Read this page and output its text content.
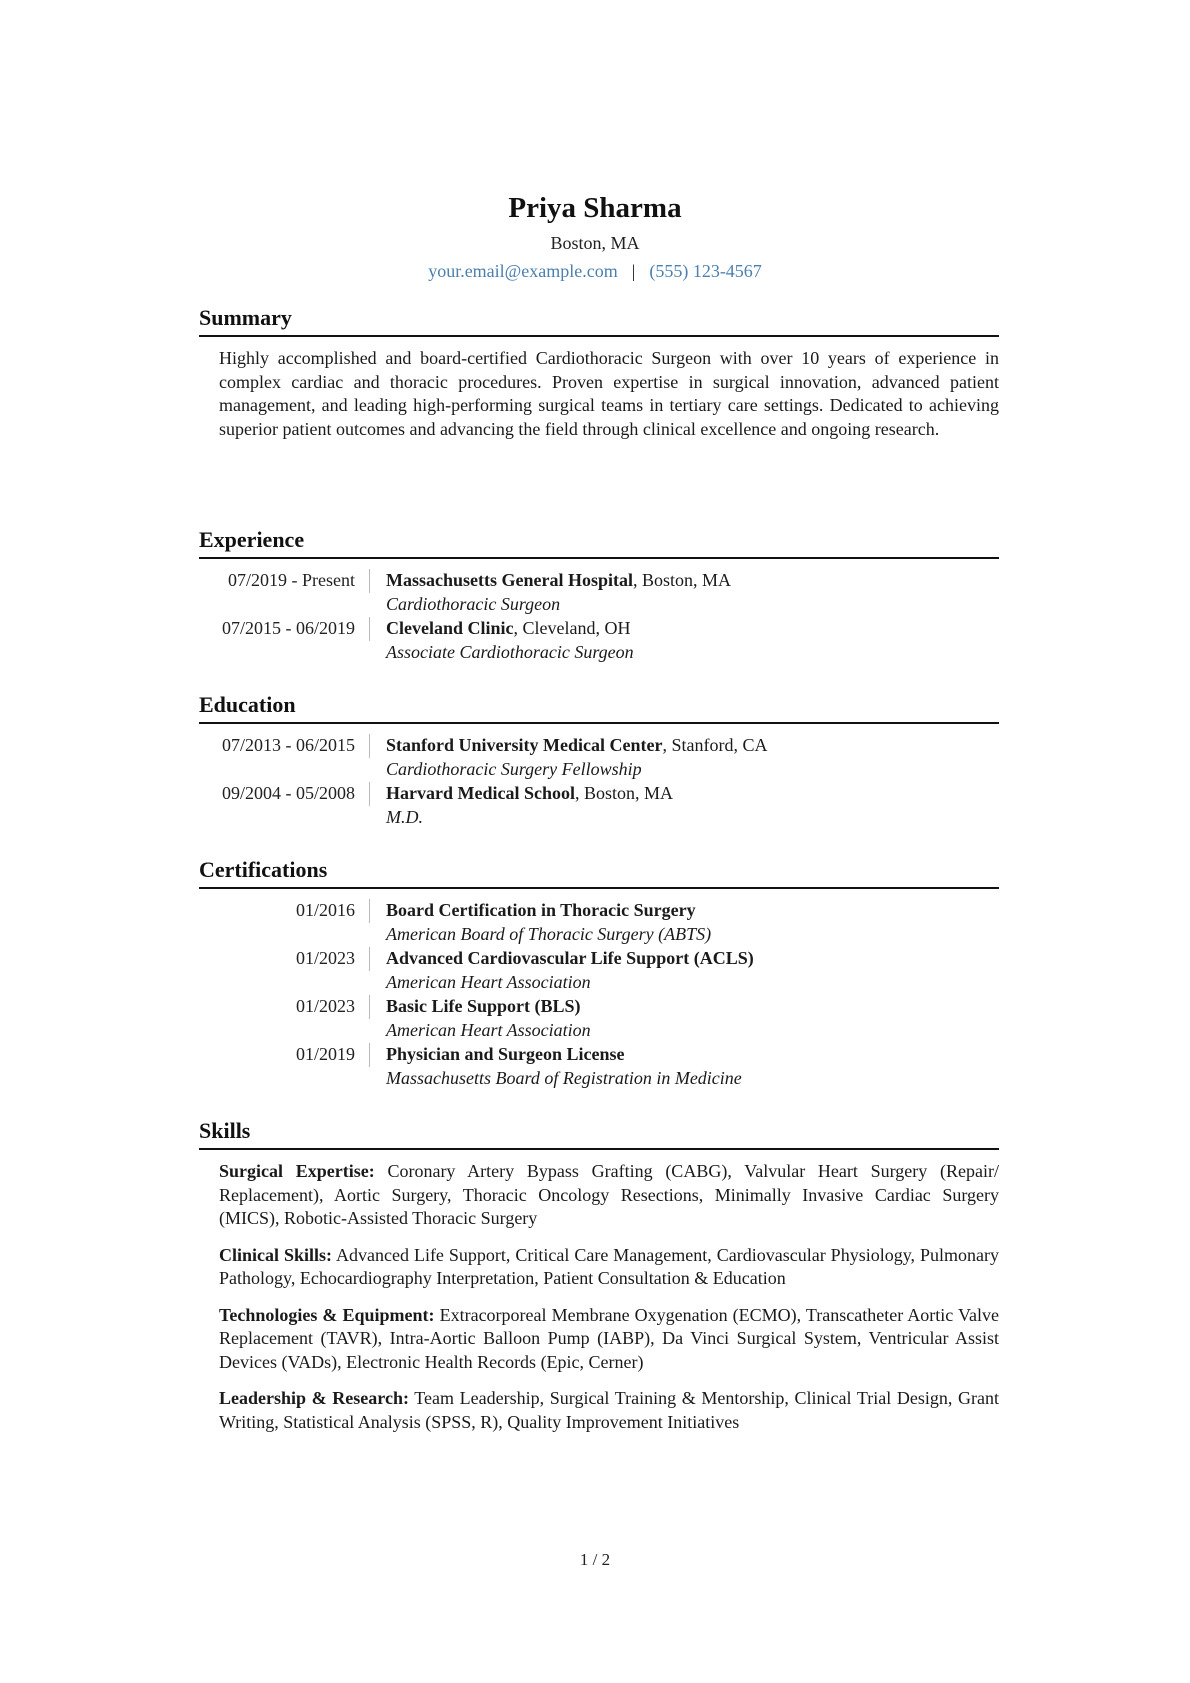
Priya Sharma
Boston, MA
your.email@example.com | (555) 123-4567
Summary
Highly accomplished and board-certified Cardiothoracic Surgeon with over 10 years of experience in complex cardiac and thoracic procedures. Proven expertise in surgical innovation, advanced patient management, and leading high-performing surgical teams in tertiary care settings. Dedicated to achieving superior patient outcomes and advancing the field through clinical excellence and ongoing research.
Experience
07/2019 - Present	Massachusetts General Hospital, Boston, MA
Cardiothoracic Surgeon
07/2015 - 06/2019	Cleveland Clinic, Cleveland, OH
Associate Cardiothoracic Surgeon
Education
07/2013 - 06/2015	Stanford University Medical Center, Stanford, CA
Cardiothoracic Surgery Fellowship
09/2004 - 05/2008	Harvard Medical School, Boston, MA
M.D.
Certifications
01/2016	Board Certification in Thoracic Surgery
American Board of Thoracic Surgery (ABTS)
01/2023	Advanced Cardiovascular Life Support (ACLS)
American Heart Association
01/2023	Basic Life Support (BLS)
American Heart Association
01/2019	Physician and Surgeon License
Massachusetts Board of Registration in Medicine
Skills
Surgical Expertise: Coronary Artery Bypass Grafting (CABG), Valvular Heart Surgery (Repair/ Replacement), Aortic Surgery, Thoracic Oncology Resections, Minimally Invasive Cardiac Surgery (MICS), Robotic-Assisted Thoracic Surgery
Clinical Skills: Advanced Life Support, Critical Care Management, Cardiovascular Physiology, Pulmonary Pathology, Echocardiography Interpretation, Patient Consultation & Education
Technologies & Equipment: Extracorporeal Membrane Oxygenation (ECMO), Transcatheter Aortic Valve Replacement (TAVR), Intra-Aortic Balloon Pump (IABP), Da Vinci Surgical System, Ventricular Assist Devices (VADs), Electronic Health Records (Epic, Cerner)
Leadership & Research: Team Leadership, Surgical Training & Mentorship, Clinical Trial Design, Grant Writing, Statistical Analysis (SPSS, R), Quality Improvement Initiatives
1 / 2
